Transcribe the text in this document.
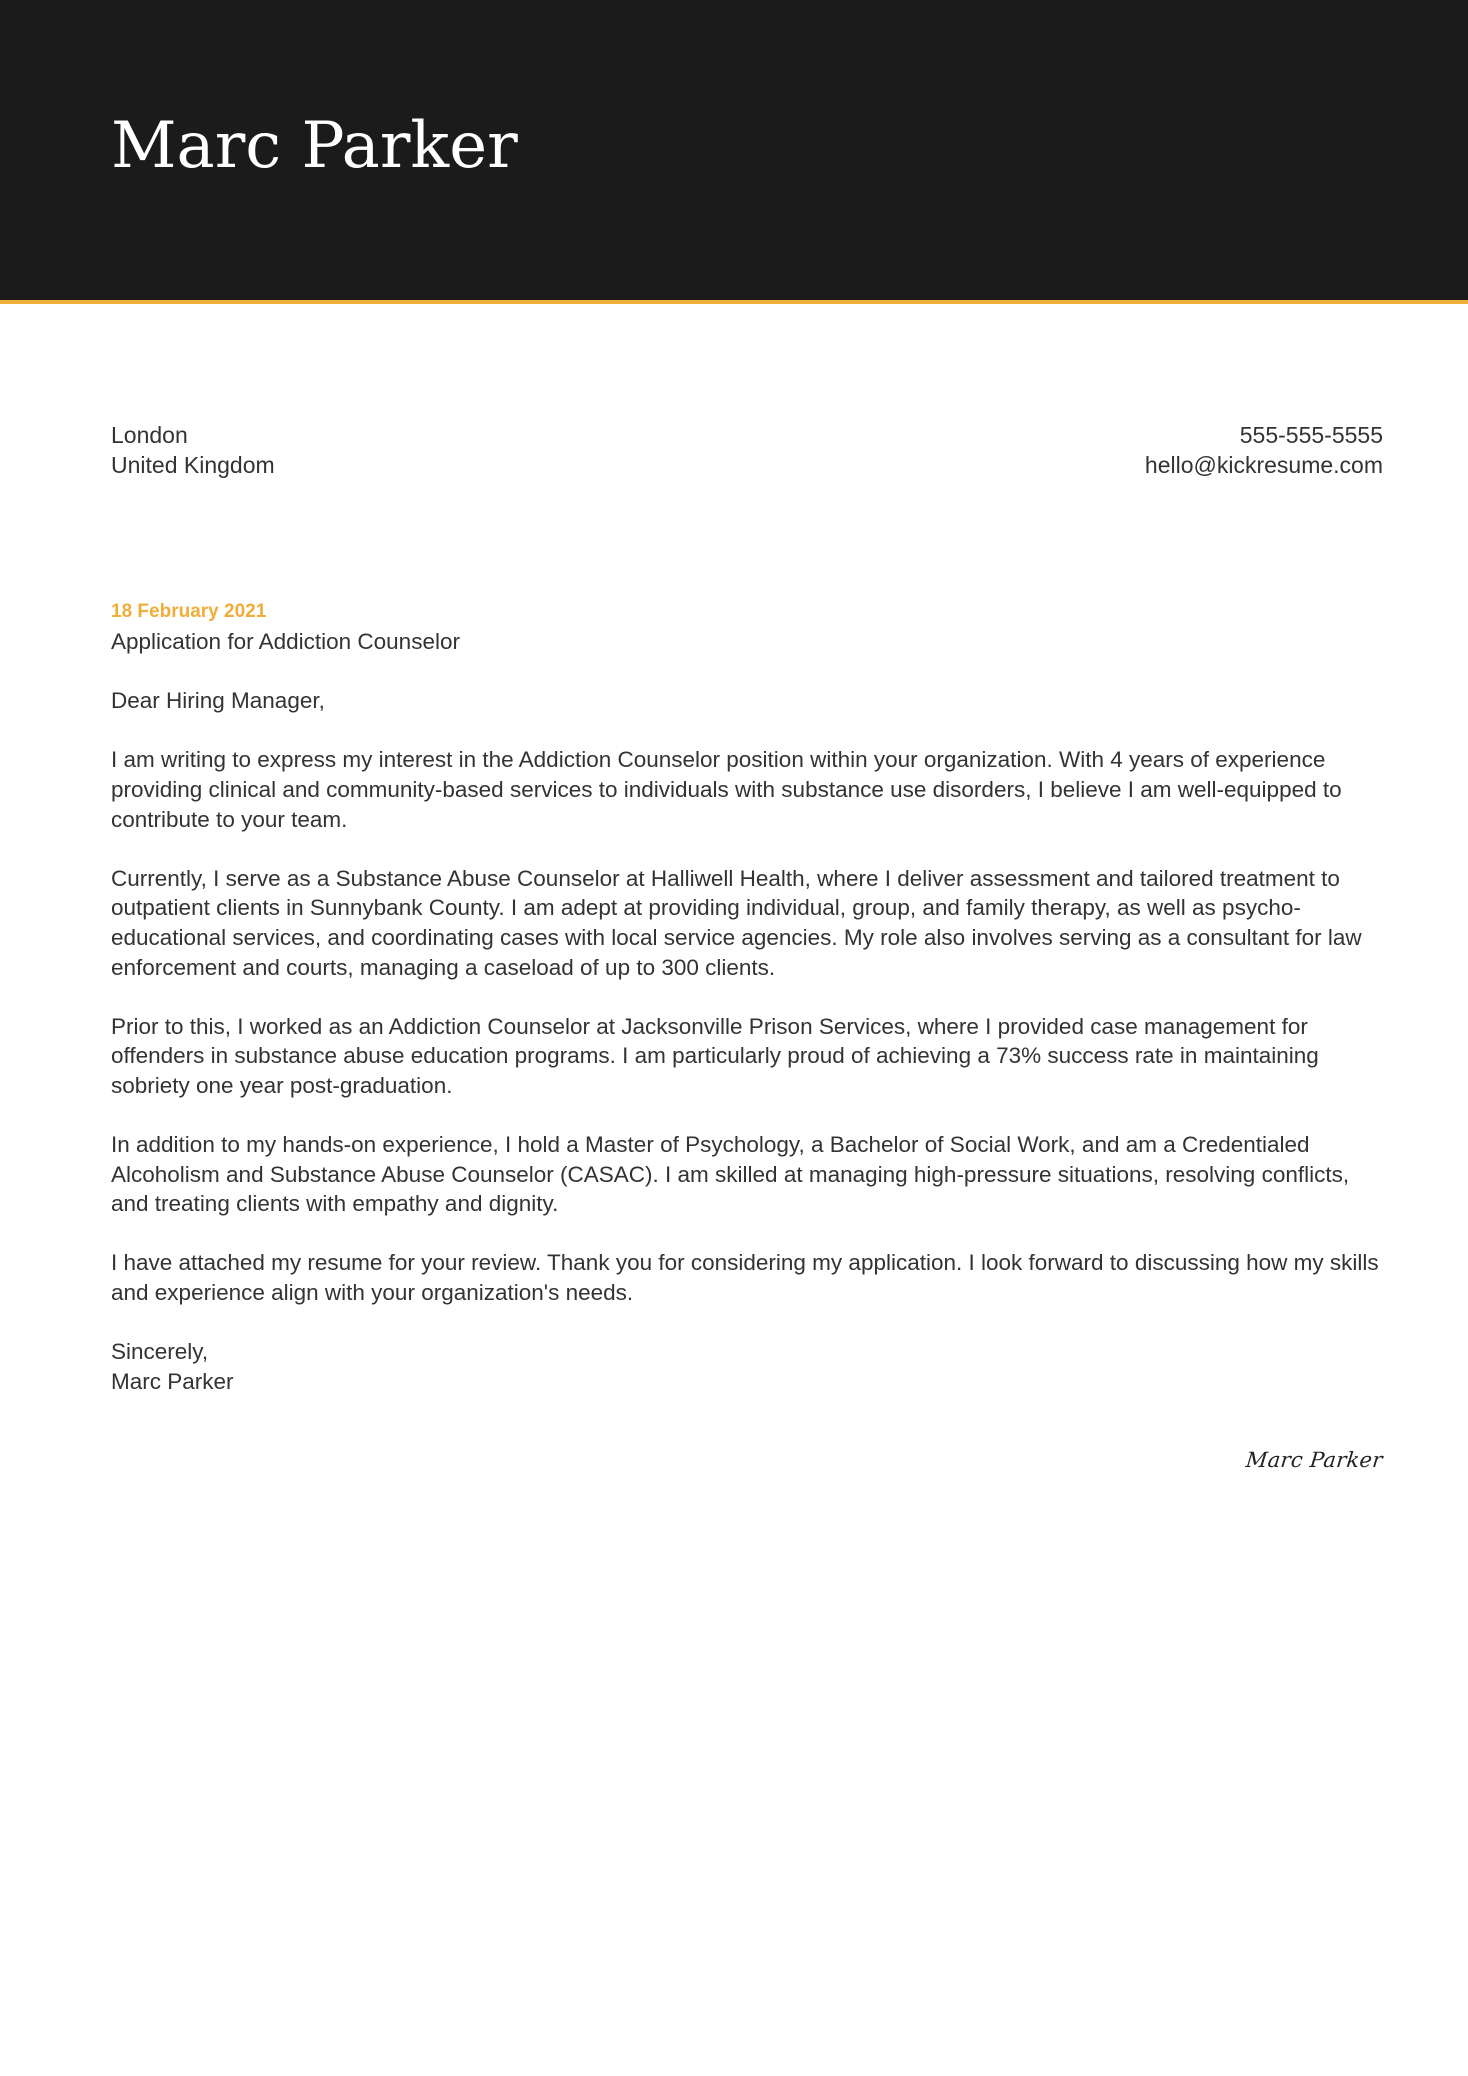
Marc Parker
London
United Kingdom
555-555-5555
hello@kickresume.com
18 February 2021

Application for Addiction Counselor

Dear Hiring Manager,

I am writing to express my interest in the Addiction Counselor position within your organization. With 4 years of experience providing clinical and community-based services to individuals with substance use disorders, I believe I am well-equipped to contribute to your team.

Currently, I serve as a Substance Abuse Counselor at Halliwell Health, where I deliver assessment and tailored treatment to outpatient clients in Sunnybank County. I am adept at providing individual, group, and family therapy, as well as psycho-educational services, and coordinating cases with local service agencies. My role also involves serving as a consultant for law enforcement and courts, managing a caseload of up to 300 clients.

Prior to this, I worked as an Addiction Counselor at Jacksonville Prison Services, where I provided case management for offenders in substance abuse education programs. I am particularly proud of achieving a 73% success rate in maintaining sobriety one year post-graduation.

In addition to my hands-on experience, I hold a Master of Psychology, a Bachelor of Social Work, and am a Credentialed Alcoholism and Substance Abuse Counselor (CASAC). I am skilled at managing high-pressure situations, resolving conflicts, and treating clients with empathy and dignity.

I have attached my resume for your review. Thank you for considering my application. I look forward to discussing how my skills and experience align with your organization's needs.

Sincerely,
Marc Parker

Marc Parker
